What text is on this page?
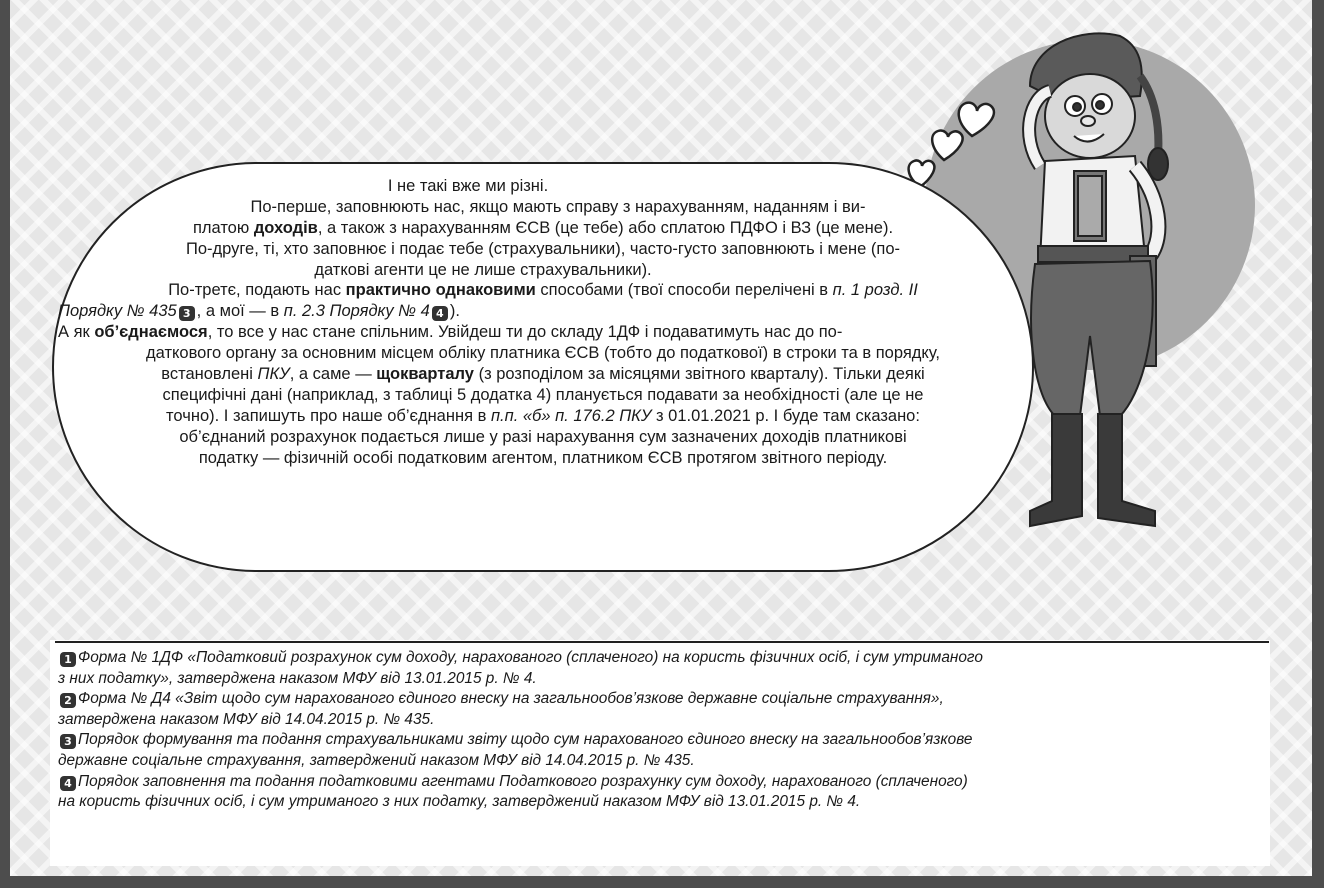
І не такі вже ми різні.
По-перше, заповнюють нас, якщо мають справу з нарахуванням, наданням і ви-
платою доходів, а також з нарахуванням ЄСВ (це тебе) або сплатою ПДФО і ВЗ (це мене).
По-друге, ті, хто заповнює і подає тебе (страхувальники), часто-густо заповнюють і мене (по-
даткові агенти це не лише страхувальники).
По-третє, подають нас практично однаковими способами (твої способи перелічені в п. 1 розд. II
Порядку № 435 3 , а мої — в п. 2.3 Порядку № 4 4 ).
А як об’єднаємося, то все у нас стане спільним. Увійдеш ти до складу 1ДФ і подаватимуть нас до по-
даткового органу за основним місцем обліку платника ЄСВ (тобто до податкової) в строки та в порядку,
встановлені ПКУ, а саме — щокварталу (з розподілом за місяцями звітного кварталу). Тільки деякі
специфічні дані (наприклад, з таблиці 5 додатка 4) планується подавати за необхідності (але це не
точно). І запишуть про наше об’єднання в п.п. «б» п. 176.2 ПКУ з 01.01.2021 р. І буде там сказано:
об’єднаний розрахунок подається лише у разі нарахування сум зазначених доходів платникові
податку — фізичній особі податковим агентом, платником ЄСВ протягом звітного періоду.
1 Форма № 1ДФ «Податковий розрахунок сум доходу, нарахованого (сплаченого) на користь фізичних осіб, і сум утриманого
з них податку», затверджена наказом МФУ від 13.01.2015 р. № 4.
2 Форма № Д4 «Звіт щодо сум нарахованого єдиного внеску на загальнообов’язкове державне соціальне страхування»,
затверджена наказом МФУ від 14.04.2015 р. № 435.
3 Порядок формування та подання страхувальниками звіту щодо сум нарахованого єдиного внеску на загальнообов’язкове
державне соціальне страхування, затверджений наказом МФУ від 14.04.2015 р. № 435.
4 Порядок заповнення та подання податковими агентами Податкового розрахунку сум доходу, нарахованого (сплаченого)
на користь фізичних осіб, і сум утриманого з них податку, затверджений наказом МФУ від 13.01.2015 р. № 4.
